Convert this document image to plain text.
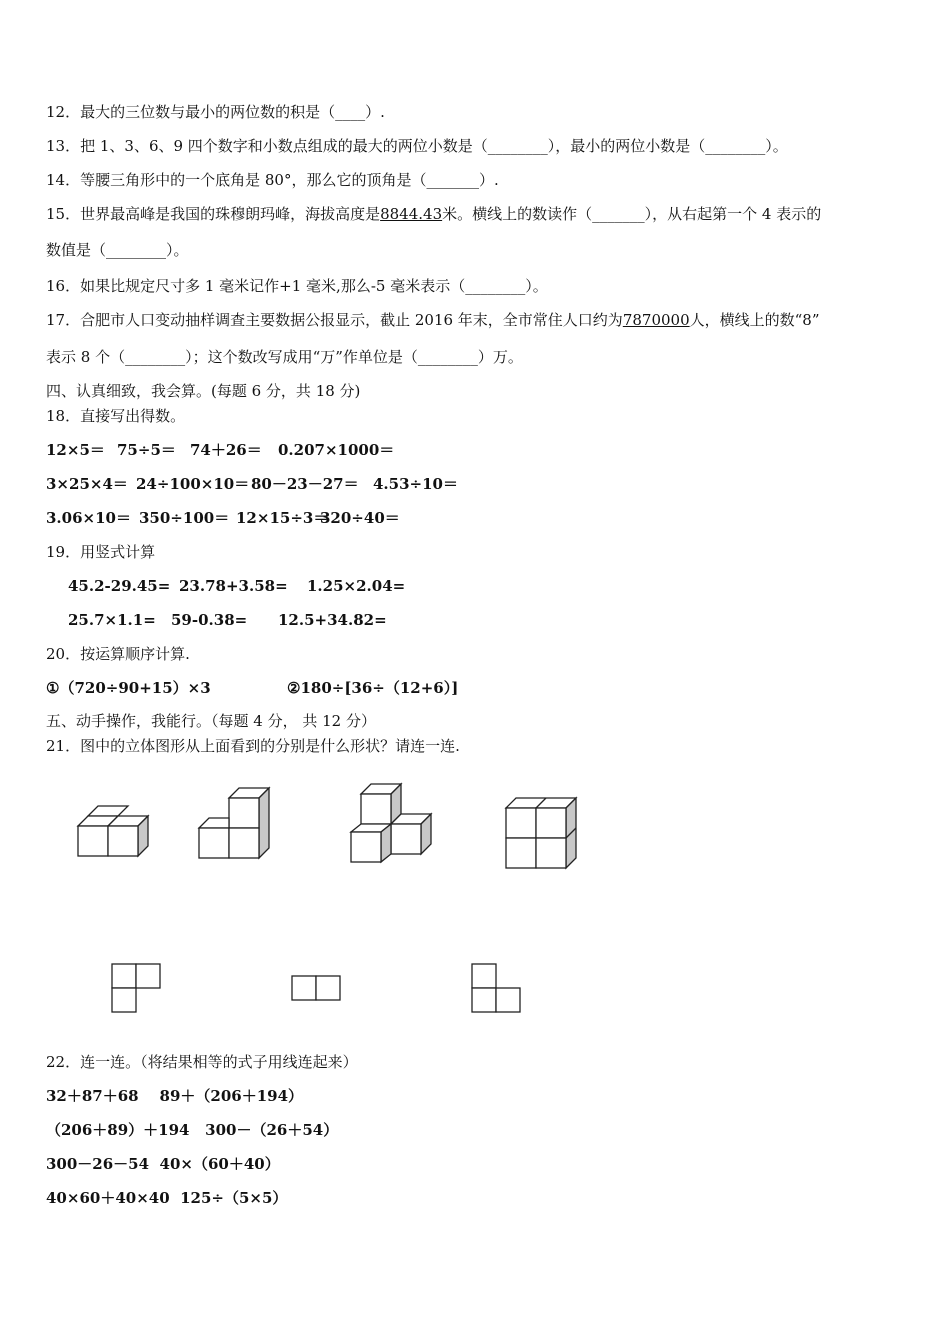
12．最大的三位数与最小的两位数的积是（____）.
13．把 1、3、6、9 四个数字和小数点组成的最大的两位小数是（________），最小的两位小数是（________）。
14．等腰三角形中的一个底角是 80°，那么它的顶角是（_______）.
15．世界最高峰是我国的珠穆朗玛峰，海拔高度是8844.43米。横线上的数读作（_______），从右起第一个 4 表示的
数值是（________）。
16．如果比规定尺寸多 1 毫米记作+1 毫米,那么-5 毫米表示（________）。
17．合肥市人口变动抽样调查主要数据公报显示，截止 2016 年末，全市常住人口约为7870000人，横线上的数“8”
表示 8 个（________）；这个数改写成用“万”作单位是（________）万。
四、认真细致，我会算。(每题 6 分，共 18 分)
18．直接写出得数。
12×5＝ 75÷5＝ 74＋26＝ 0.207×1000＝
3×25×4＝ 24÷100×10＝ 80－23－27＝ 4.53÷10＝
3.06×10＝ 350÷100＝ 12×15÷3＝320÷40＝
19．用竖式计算
45.2-29.45= 23.78+3.58= 1.25×2.04=
25.7×1.1= 59-0.38= 12.5+34.82=
20．按运算顺序计算.
①（720÷90+15）×3	②180÷[36÷（12+6）]
五、动手操作，我能行。（每题 4 分， 共 12 分）
21．图中的立体图形从上面看到的分别是什么形状？请连一连.
22．连一连。（将结果相等的式子用线连起来）
32＋87＋68    89＋（206＋194）
（206＋89）＋194   300－（26＋54）
300－26－54  40×（60＋40）
40×60＋40×40  125÷（5×5）
